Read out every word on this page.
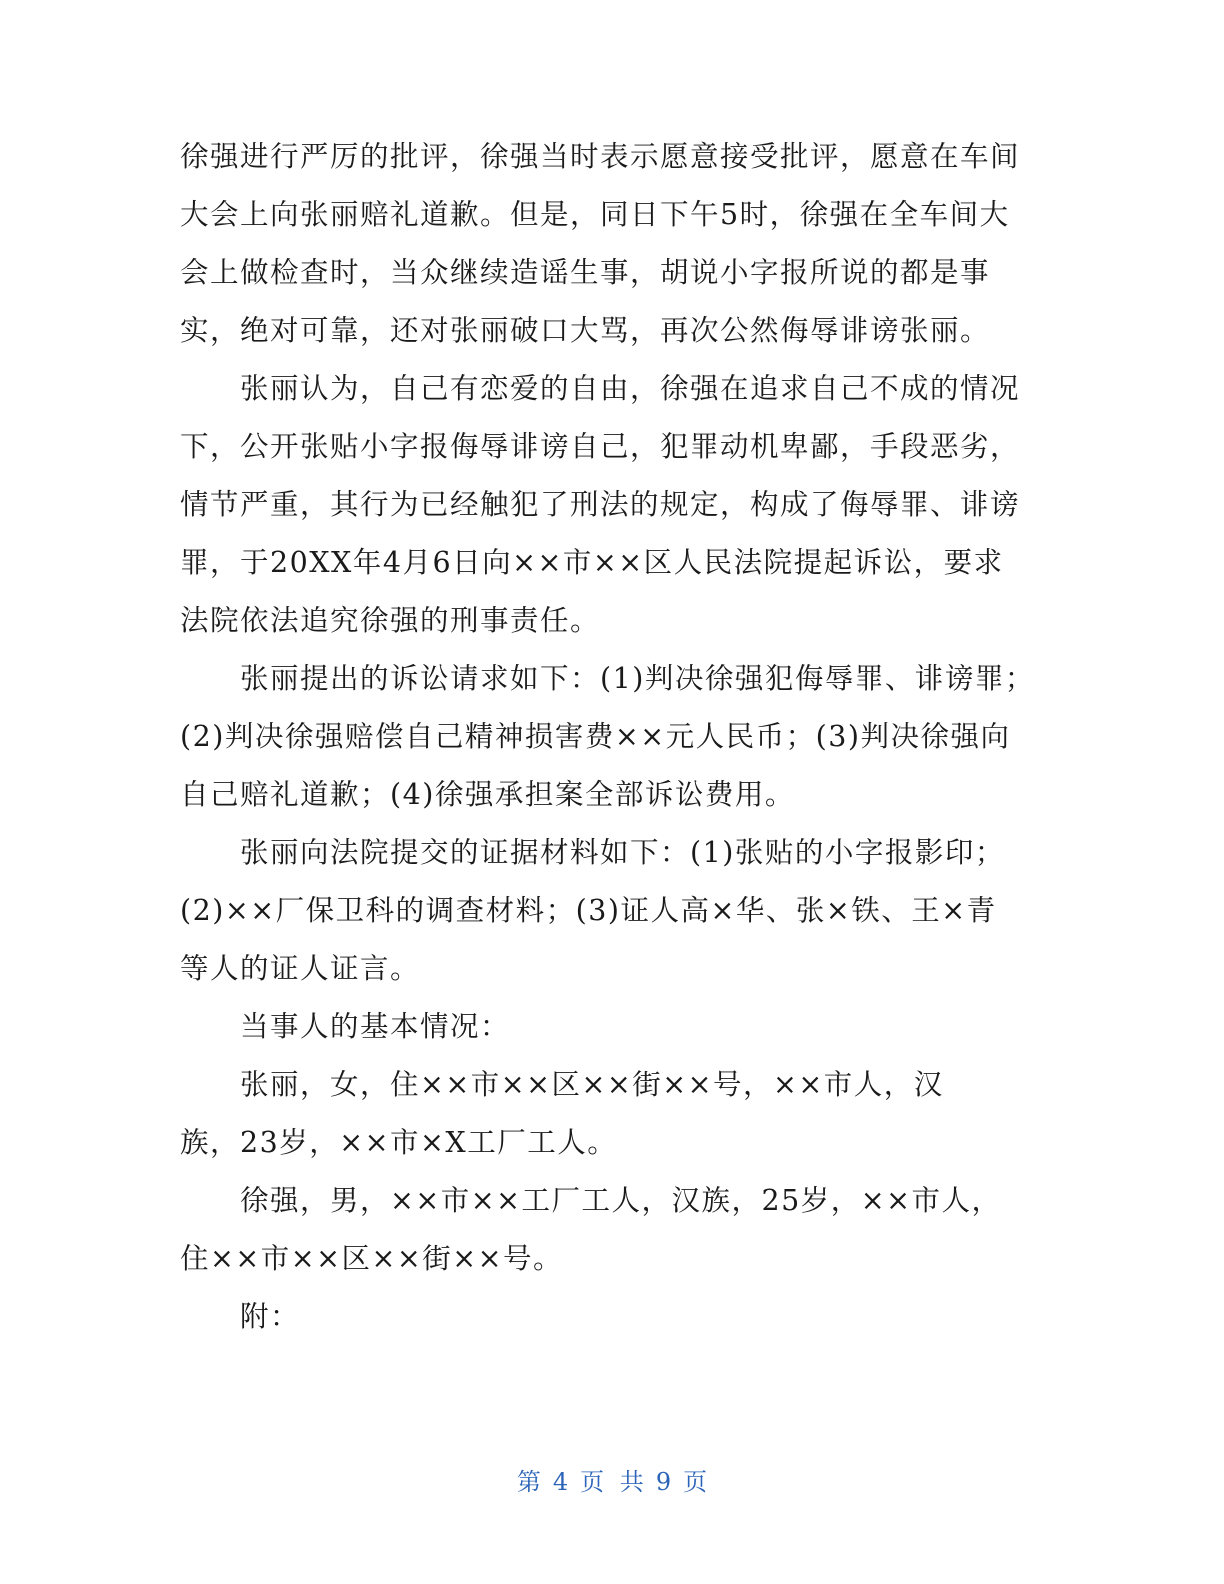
徐强进行严厉的批评，徐强当时表示愿意接受批评，愿意在车间
大会上向张丽赔礼道歉。但是，同日下午5时，徐强在全车间大
会上做检查时，当众继续造谣生事，胡说小字报所说的都是事
实，绝对可靠，还对张丽破口大骂，再次公然侮辱诽谤张丽。
张丽认为，自己有恋爱的自由，徐强在追求自己不成的情况
下，公开张贴小字报侮辱诽谤自己，犯罪动机卑鄙，手段恶劣，
情节严重，其行为已经触犯了刑法的规定，构成了侮辱罪、诽谤
罪，于20XX年4月6日向××市××区人民法院提起诉讼，要求
法院依法追究徐强的刑事责任。
张丽提出的诉讼请求如下：(1)判决徐强犯侮辱罪、诽谤罪；
(2)判决徐强赔偿自己精神损害费××元人民币；(3)判决徐强向
自己赔礼道歉；(4)徐强承担案全部诉讼费用。
张丽向法院提交的证据材料如下：(1)张贴的小字报影印；
(2)××厂保卫科的调查材料；(3)证人高×华、张×铁、王×青
等人的证人证言。
当事人的基本情况：
张丽，女，住××市××区××街××号，××市人，汉
族，23岁，××市×X工厂工人。
徐强，男，××市××工厂工人，汉族，25岁，××市人，
住××市××区××街××号。
附：
第 4 页 共 9 页
